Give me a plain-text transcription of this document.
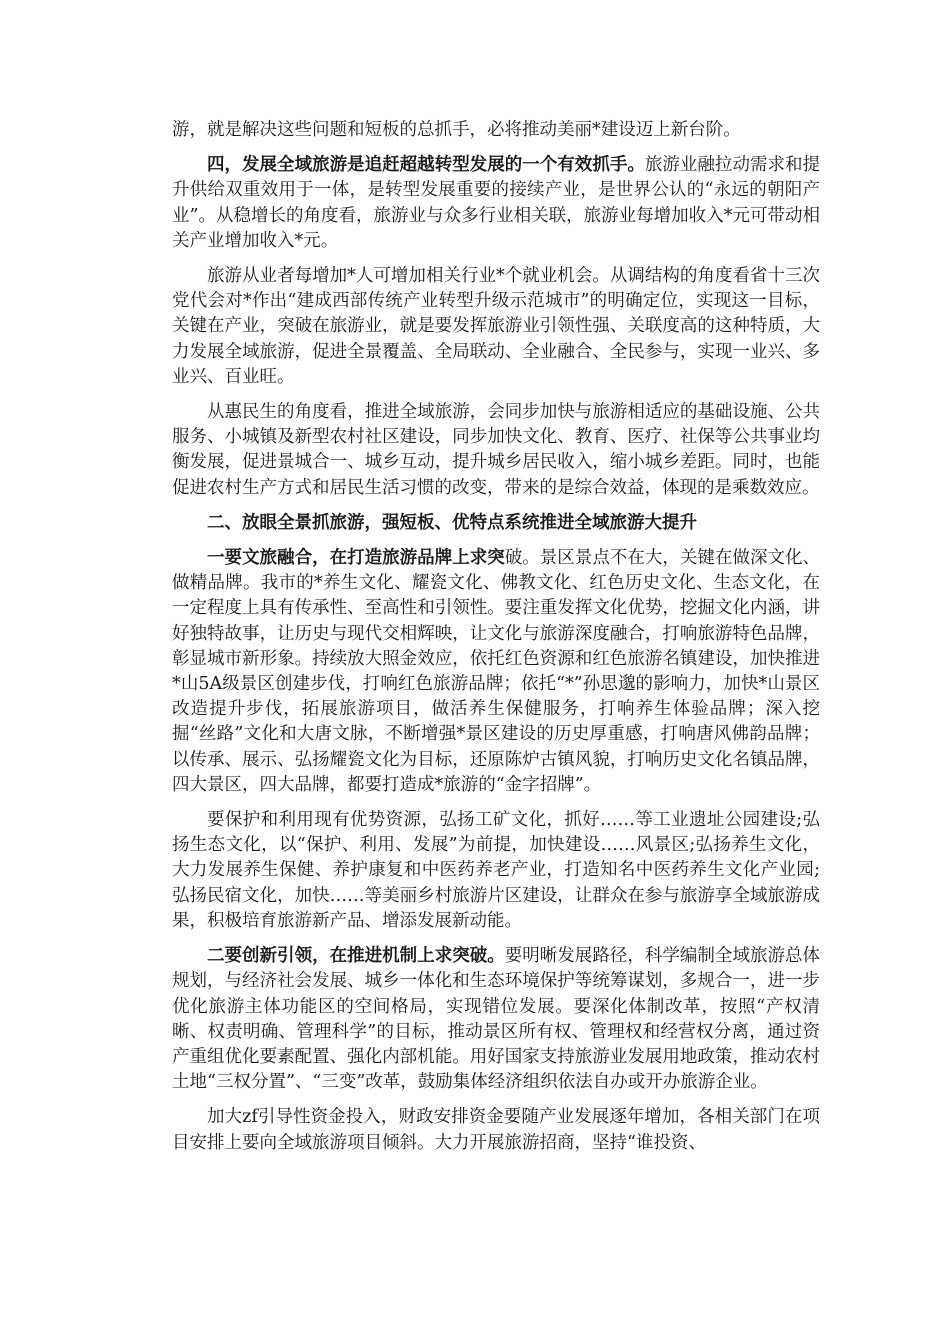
游，就是解决这些问题和短板的总抓手，必将推动美丽*建设迈上新台阶。

四，发展全域旅游是追赶超越转型发展的一个有效抓手。旅游业融拉动需求和提升供给双重效用于一体，是转型发展重要的接续产业，是世界公认的“永远的朝阳产业”。从稳增长的角度看，旅游业与众多行业相关联，旅游业每增加收入*元可带动相关产业增加收入*元。

旅游从业者每增加*人可增加相关行业*个就业机会。从调结构的角度看省十三次党代会对*作出“建成西部传统产业转型升级示范城市”的明确定位，实现这一目标，关键在产业，突破在旅游业，就是要发挥旅游业引领性强、关联度高的这种特质，大力发展全域旅游，促进全景覆盖、全局联动、全业融合、全民参与，实现一业兴、多业兴、百业旺。

从惠民生的角度看，推进全域旅游，会同步加快与旅游相适应的基础设施、公共服务、小城镇及新型农村社区建设，同步加快文化、教育、医疗、社保等公共事业均衡发展，促进景城合一、城乡互动，提升城乡居民收入，缩小城乡差距。同时，也能促进农村生产方式和居民生活习惯的改变，带来的是综合效益，体现的是乘数效应。

二、放眼全景抓旅游，强短板、优特点系统推进全域旅游大提升

一要文旅融合，在打造旅游品牌上求突破。景区景点不在大，关键在做深文化、做精品牌。我市的*养生文化、耀瓷文化、佛教文化、红色历史文化、生态文化，在一定程度上具有传承性、至高性和引领性。要注重发挥文化优势，挖掘文化内涵，讲好独特故事，让历史与现代交相辉映，让文化与旅游深度融合，打响旅游特色品牌，彰显城市新形象。持续放大照金效应，依托红色资源和红色旅游名镇建设，加快推进*山5A级景区创建步伐，打响红色旅游品牌；依托“*”孙思邈的影响力，加快*山景区改造提升步伐，拓展旅游项目，做活养生保健服务，打响养生体验品牌；深入挖掘“丝路”文化和大唐文脉，不断增强*景区建设的历史厚重感，打响唐风佛韵品牌；以传承、展示、弘扬耀瓷文化为目标，还原陈炉古镇风貌，打响历史文化名镇品牌，四大景区，四大品牌，都要打造成*旅游的“金字招牌”。

要保护和利用现有优势资源，弘扬工矿文化，抓好……等工业遗址公园建设;弘扬生态文化，以“保护、利用、发展”为前提，加快建设……风景区;弘扬养生文化，大力发展养生保健、养护康复和中医药养老产业，打造知名中医药养生文化产业园;弘扬民宿文化，加快……等美丽乡村旅游片区建设，让群众在参与旅游享全域旅游成果，积极培育旅游新产品、增添发展新动能。

二要创新引领，在推进机制上求突破。要明晰发展路径，科学编制全域旅游总体规划，与经济社会发展、城乡一体化和生态环境保护等统筹谋划，多规合一，进一步优化旅游主体功能区的空间格局，实现错位发展。要深化体制改革，按照“产权清晰、权责明确、管理科学”的目标，推动景区所有权、管理权和经营权分离，通过资产重组优化要素配置、强化内部机能。用好国家支持旅游业发展用地政策，推动农村土地“三权分置”、“三变”改革，鼓励集体经济组织依法自办或开办旅游企业。

加大zf引导性资金投入，财政安排资金要随产业发展逐年增加，各相关部门在项目安排上要向全域旅游项目倾斜。大力开展旅游招商，坚持“谁投资、
